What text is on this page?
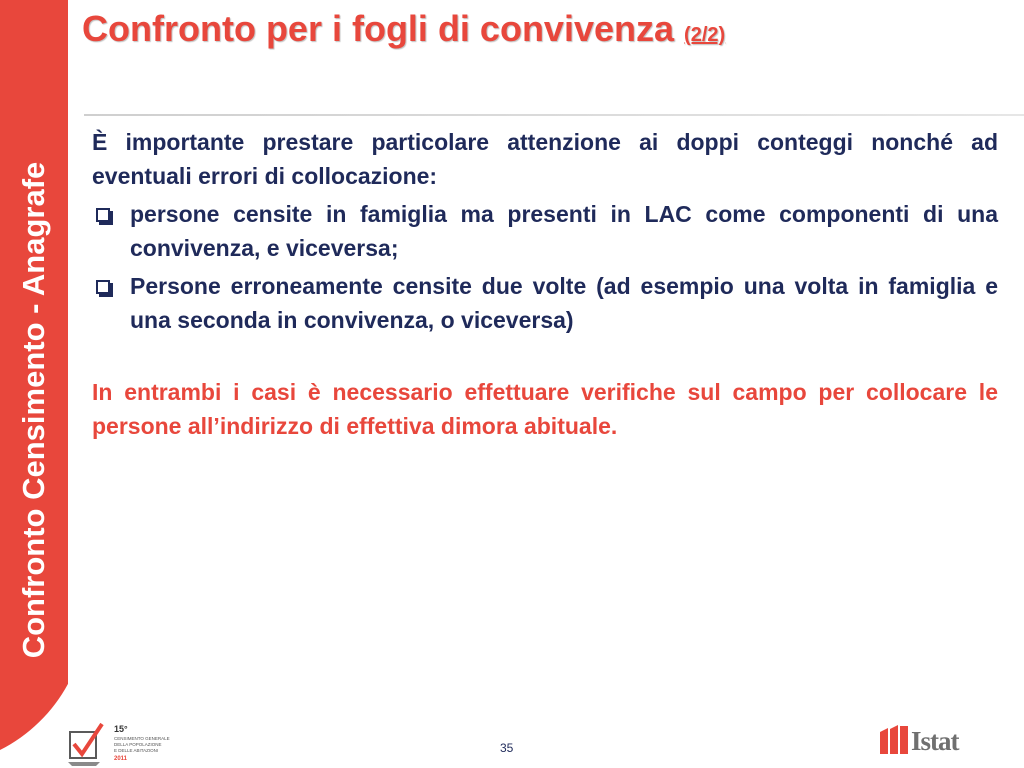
Confronto Censimento - Anagrafe
Confronto per i fogli di convivenza (2/2)

È importante prestare particolare attenzione ai doppi conteggi nonché ad eventuali errori di collocazione:

persone censite in famiglia ma presenti in LAC come componenti di una convivenza, e viceversa;
Persone erroneamente censite due volte (ad esempio una volta in famiglia e una seconda in convivenza, o viceversa)

In entrambi i casi è necessario effettuare verifiche sul campo per collocare le persone all’indirizzo di effettiva dimora abituale.

15°
CENSIMENTO GENERALE
DELLA POPOLAZIONE
E DELLE ABITAZIONI
2011
35	Istat
